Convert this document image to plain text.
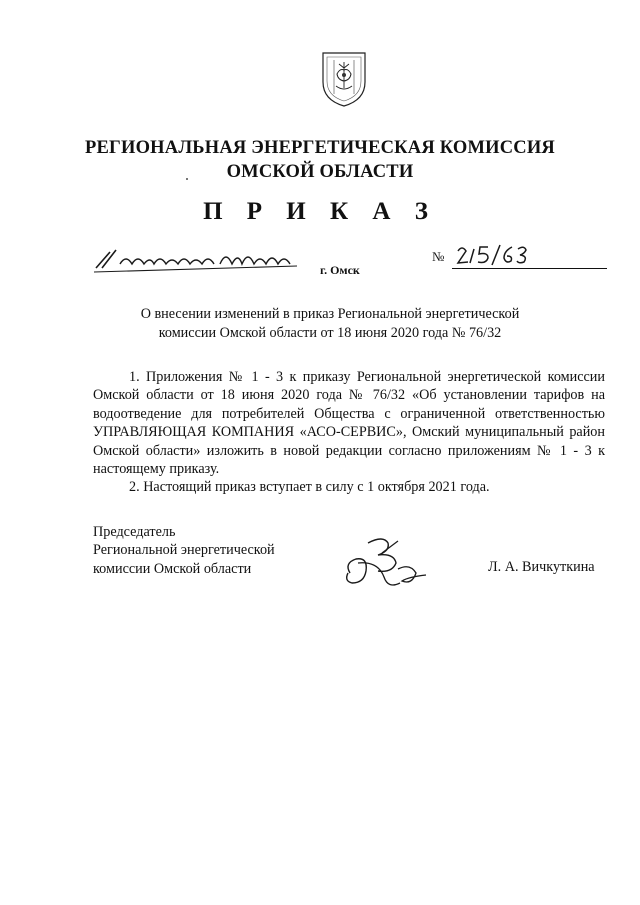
РЕГИОНАЛЬНАЯ ЭНЕРГЕТИЧЕСКАЯ КОМИССИЯ
ОМСКОЙ ОБЛАСТИ
П Р И К А З
г. Омск
№
О внесении изменений в приказ Региональной энергетической комиссии Омской области от 18 июня 2020 года № 76/32

1. Приложения № 1 - 3 к приказу Региональной энергетической комиссии Омской области от 18 июня 2020 года № 76/32 «Об установлении тарифов на водоотведение для потребителей Общества с ограниченной ответственностью УПРАВЛЯЮЩАЯ КОМПАНИЯ «АСО-СЕРВИС», Омский муниципальный район Омской области» изложить в новой редакции согласно приложениям № 1 - 3 к настоящему приказу.

2. Настоящий приказ вступает в силу с 1 октября 2021 года.

Председатель
Региональной энергетической
комиссии Омской области	Л. А. Вичкуткина
